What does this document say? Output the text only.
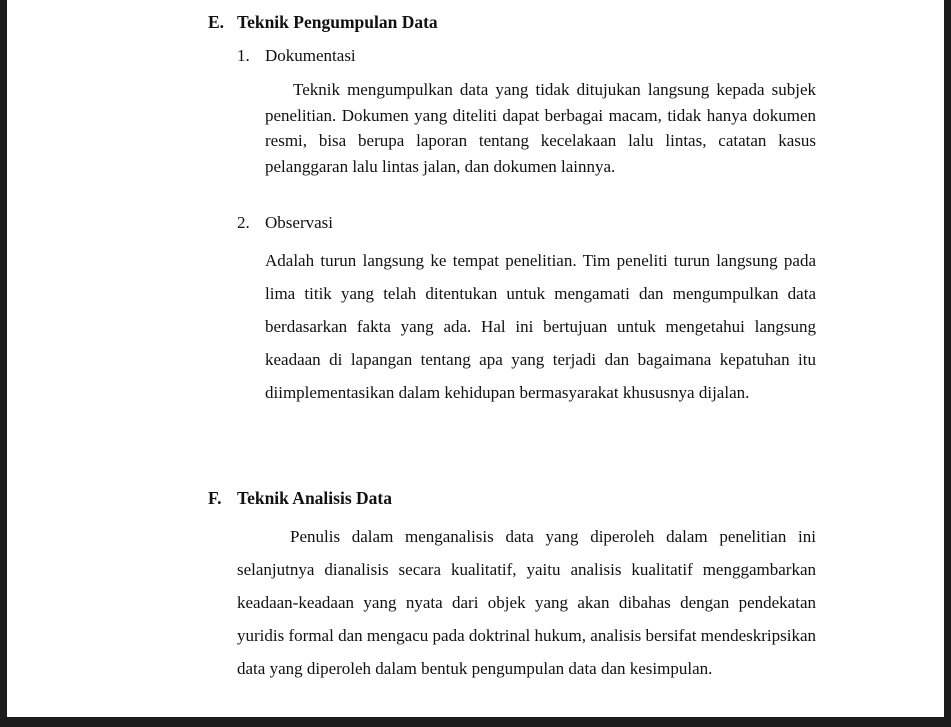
E. Teknik Pengumpulan Data
1. Dokumentasi

Teknik mengumpulkan data yang tidak ditujukan langsung kepada subjek penelitian. Dokumen yang diteliti dapat berbagai macam, tidak hanya dokumen resmi, bisa berupa laporan tentang kecelakaan lalu lintas, catatan kasus pelanggaran lalu lintas jalan, dan dokumen lainnya.

2. Observasi

Adalah turun langsung ke tempat penelitian. Tim peneliti turun langsung pada lima titik yang telah ditentukan untuk mengamati dan mengumpulkan data berdasarkan fakta yang ada. Hal ini bertujuan untuk mengetahui langsung keadaan di lapangan tentang apa yang terjadi dan bagaimana kepatuhan itu diimplementasikan dalam kehidupan bermasyarakat khususnya dijalan.

F. Teknik Analisis Data

Penulis dalam menganalisis data yang diperoleh dalam penelitian ini selanjutnya dianalisis secara kualitatif, yaitu analisis kualitatif menggambarkan keadaan-keadaan yang nyata dari objek yang akan dibahas dengan pendekatan yuridis formal dan mengacu pada doktrinal hukum, analisis bersifat mendeskripsikan data yang diperoleh dalam bentuk pengumpulan data dan kesimpulan.
